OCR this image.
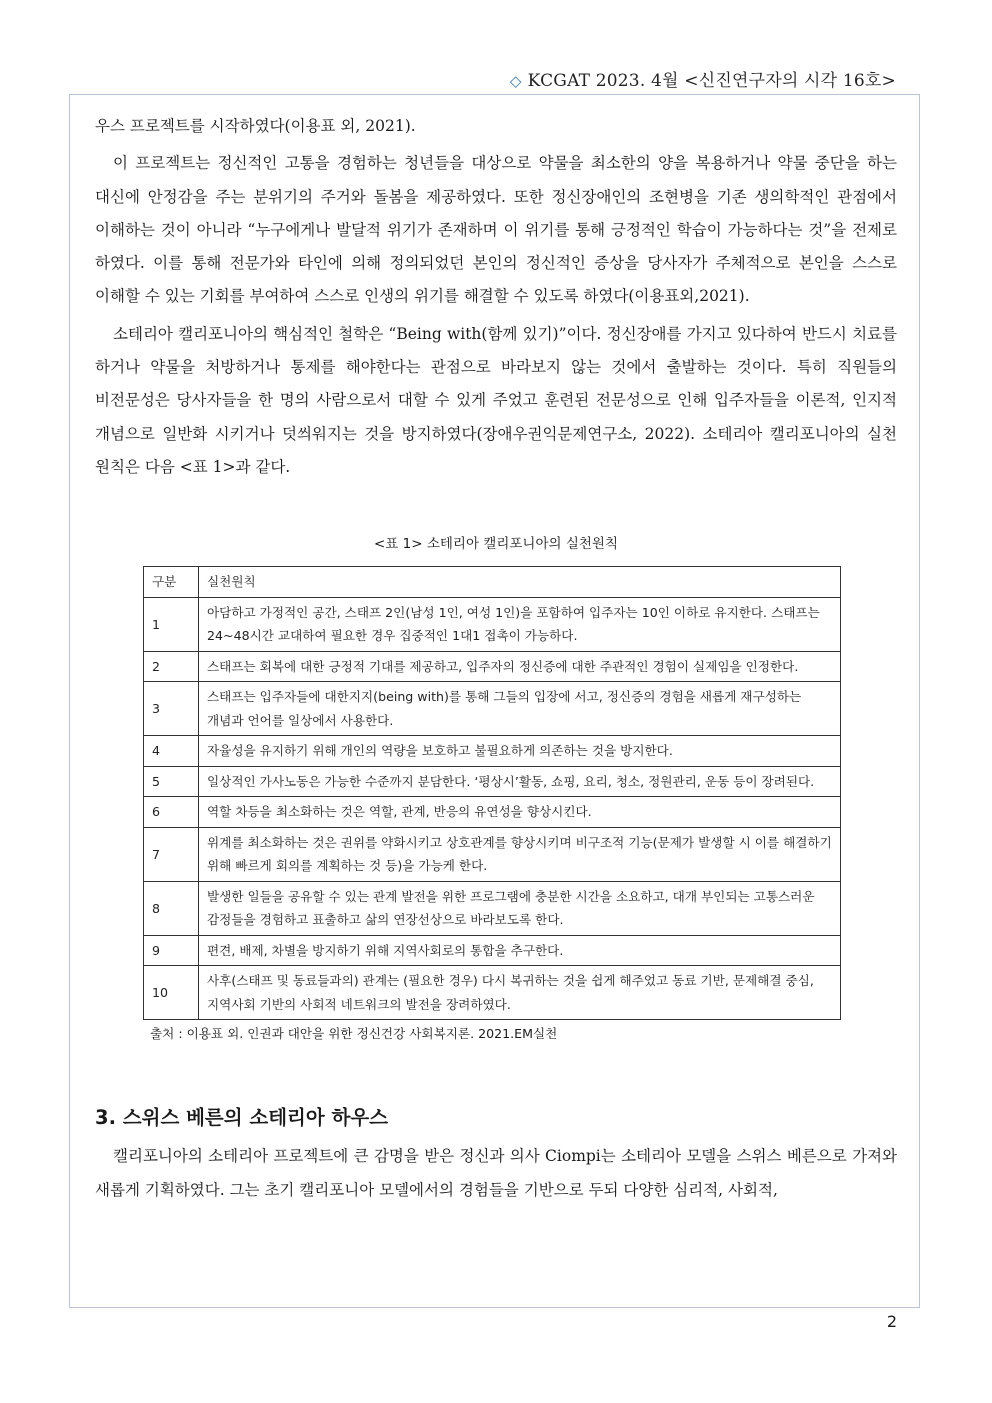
◇ KCGAT 2023. 4월 <신진연구자의 시각 16호>

우스 프로젝트를 시작하였다(이용표 외, 2021).

이 프로젝트는 정신적인 고통을 경험하는 청년들을 대상으로 약물을 최소한의 양을 복용하거나 약물 중단을 하는 대신에 안정감을 주는 분위기의 주거와 돌봄을 제공하였다. 또한 정신장애인의 조현병을 기존 생의학적인 관점에서 이해하는 것이 아니라 “누구에게나 발달적 위기가 존재하며 이 위기를 통해 긍정적인 학습이 가능하다는 것”을 전제로 하였다. 이를 통해 전문가와 타인에 의해 정의되었던 본인의 정신적인 증상을 당사자가 주체적으로 본인을 스스로 이해할 수 있는 기회를 부여하여 스스로 인생의 위기를 해결할 수 있도록 하였다(이용표외,2021).

소테리아 캘리포니아의 핵심적인 철학은 “Being with(함께 있기)”이다. 정신장애를 가지고 있다하여 반드시 치료를 하거나 약물을 처방하거나 통제를 해야한다는 관점으로 바라보지 않는 것에서 출발하는 것이다. 특히 직원들의 비전문성은 당사자들을 한 명의 사람으로서 대할 수 있게 주었고 훈련된 전문성으로 인해 입주자들을 이론적, 인지적 개념으로 일반화 시키거나 덧씌워지는 것을 방지하였다(장애우권익문제연구소, 2022). 소테리아 캘리포니아의 실천 원칙은 다음 <표 1>과 같다.

<표 1> 소테리아 캘리포니아의 실천원칙
구분	실천원칙
1	아담하고 가정적인 공간, 스태프 2인(남성 1인, 여성 1인)을 포함하여 입주자는 10인 이하로 유지한다. 스태프는 24~48시간 교대하여 필요한 경우 집중적인 1대1 접촉이 가능하다.
2	스태프는 회복에 대한 긍정적 기대를 제공하고, 입주자의 정신증에 대한 주관적인 경험이 실제임을 인정한다.
3	스태프는 입주자들에 대한지지(being with)를 통해 그들의 입장에 서고, 정신증의 경험을 새롭게 재구성하는 개념과 언어를 일상에서 사용한다.
4	자율성을 유지하기 위해 개인의 역량을 보호하고 불필요하게 의존하는 것을 방지한다.
5	일상적인 가사노동은 가능한 수준까지 분담한다. ‘평상시’활동, 쇼핑, 요리, 청소, 정원관리, 운동 등이 장려된다.
6	역할 차등을 최소화하는 것은 역할, 관계, 반응의 유연성을 향상시킨다.
7	위계를 최소화하는 것은 권위를 약화시키고 상호관계를 향상시키며 비구조적 기능(문제가 발생할 시 이를 해결하기 위해 빠르게 회의를 계획하는 것 등)을 가능케 한다.
8	발생한 일들을 공유할 수 있는 관계 발전을 위한 프로그램에 충분한 시간을 소요하고, 대개 부인되는 고통스러운 감정들을 경험하고 표출하고 삶의 연장선상으로 바라보도록 한다.
9	편견, 배제, 차별을 방지하기 위해 지역사회로의 통합을 추구한다.
10	사후(스태프 및 동료들과의) 관계는 (필요한 경우) 다시 복귀하는 것을 쉽게 해주었고 동료 기반, 문제해결 중심, 지역사회 기반의 사회적 네트워크의 발전을 장려하였다.
출처 : 이용표 외. 인권과 대안을 위한 정신건강 사회복지론. 2021.EM실천
3. 스위스 베른의 소테리아 하우스

캘리포니아의 소테리아 프로젝트에 큰 감명을 받은 정신과 의사 Ciompi는 소테리아 모델을 스위스 베른으로 가져와 새롭게 기획하였다. 그는 초기 캘리포니아 모델에서의 경험들을 기반으로 두되 다양한 심리적, 사회적,

2
